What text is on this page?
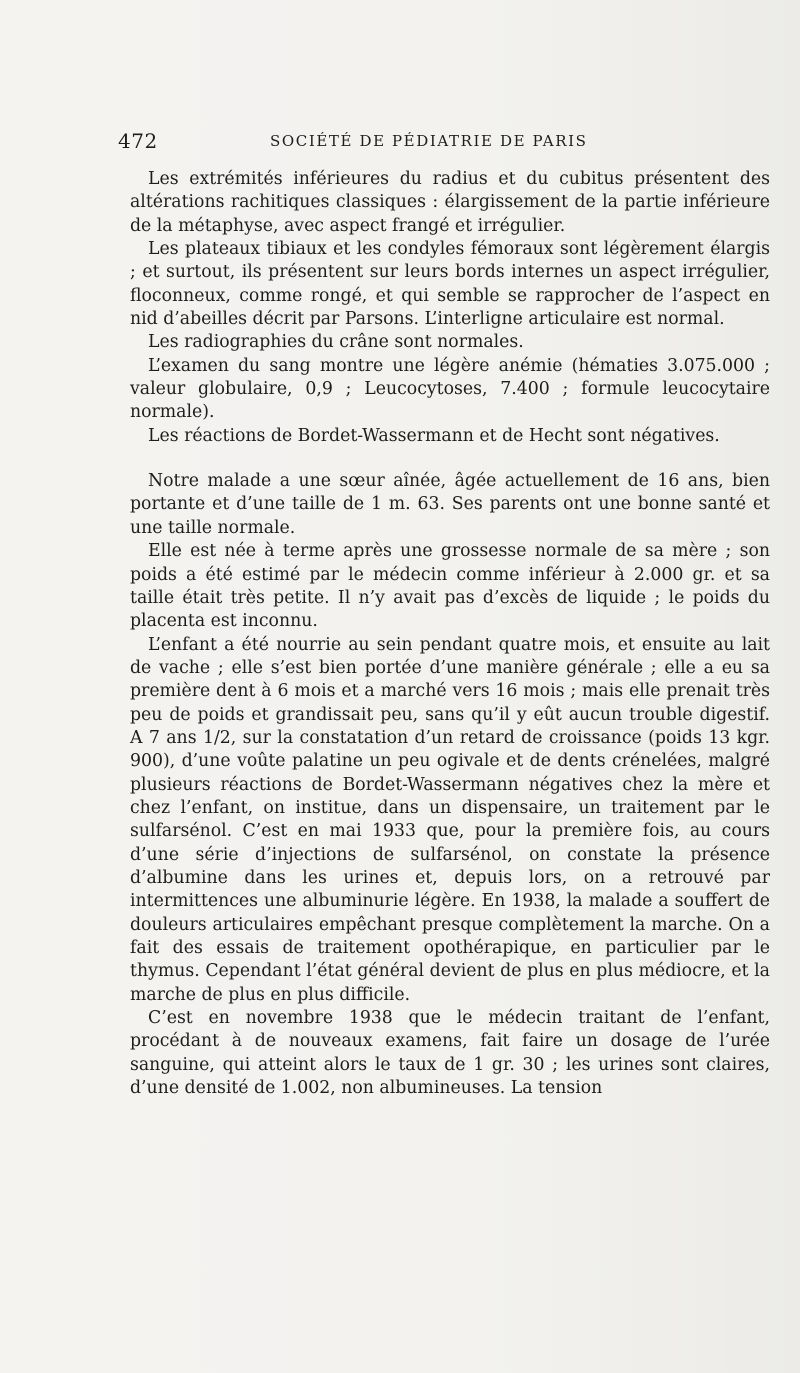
472	SOCIÉTÉ DE PÉDIATRIE DE PARIS

Les extrémités inférieures du radius et du cubitus présentent des altérations rachitiques classiques : élargissement de la partie inférieure de la métaphyse, avec aspect frangé et irrégulier.

Les plateaux tibiaux et les condyles fémoraux sont légèrement élargis ; et surtout, ils présentent sur leurs bords internes un aspect irrégulier, floconneux, comme rongé, et qui semble se rapprocher de l’aspect en nid d’abeilles décrit par Parsons. L’interligne articulaire est normal.

Les radiographies du crâne sont normales.

L’examen du sang montre une légère anémie (hématies 3.075.000 ; valeur globulaire, 0,9 ; Leucocytoses, 7.400 ; formule leucocytaire normale).

Les réactions de Bordet-Wassermann et de Hecht sont négatives.

Notre malade a une sœur aînée, âgée actuellement de 16 ans, bien portante et d’une taille de 1 m. 63. Ses parents ont une bonne santé et une taille normale.

Elle est née à terme après une grossesse normale de sa mère ; son poids a été estimé par le médecin comme inférieur à 2.000 gr. et sa taille était très petite. Il n’y avait pas d’excès de liquide ; le poids du placenta est inconnu.

L’enfant a été nourrie au sein pendant quatre mois, et ensuite au lait de vache ; elle s’est bien portée d’une manière générale ; elle a eu sa première dent à 6 mois et a marché vers 16 mois ; mais elle prenait très peu de poids et grandissait peu, sans qu’il y eût aucun trouble digestif. A 7 ans 1/2, sur la constatation d’un retard de croissance (poids 13 kgr. 900), d’une voûte palatine un peu ogivale et de dents crénelées, malgré plusieurs réactions de Bordet-Wassermann négatives chez la mère et chez l’enfant, on institue, dans un dispensaire, un traitement par le sulfarsénol. C’est en mai 1933 que, pour la première fois, au cours d’une série d’injections de sulfarsénol, on constate la présence d’albumine dans les urines et, depuis lors, on a retrouvé par intermittences une albuminurie légère. En 1938, la malade a souffert de douleurs articulaires empêchant presque complètement la marche. On a fait des essais de traitement opothérapique, en particulier par le thymus. Cependant l’état général devient de plus en plus médiocre, et la marche de plus en plus difficile.

C’est en novembre 1938 que le médecin traitant de l’enfant, procédant à de nouveaux examens, fait faire un dosage de l’urée sanguine, qui atteint alors le taux de 1 gr. 30 ; les urines sont claires, d’une densité de 1.002, non albumineuses. La tension
